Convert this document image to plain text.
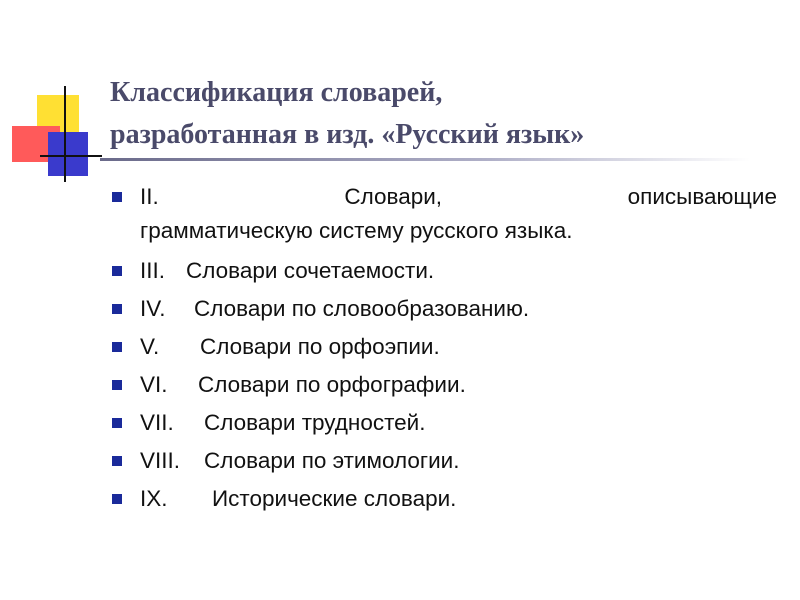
Классификация словарей,
разработанная в изд. «Русский язык»
II.	Словари,	описывающие
грамматическую систему русского языка.
III. Словари сочетаемости.
IV. Словари по словообразованию.
V. Словари по орфоэпии.
VI. Словари по орфографии.
VII. Словари трудностей.
VIII. Словари по этимологии.
IX. Исторические словари.
